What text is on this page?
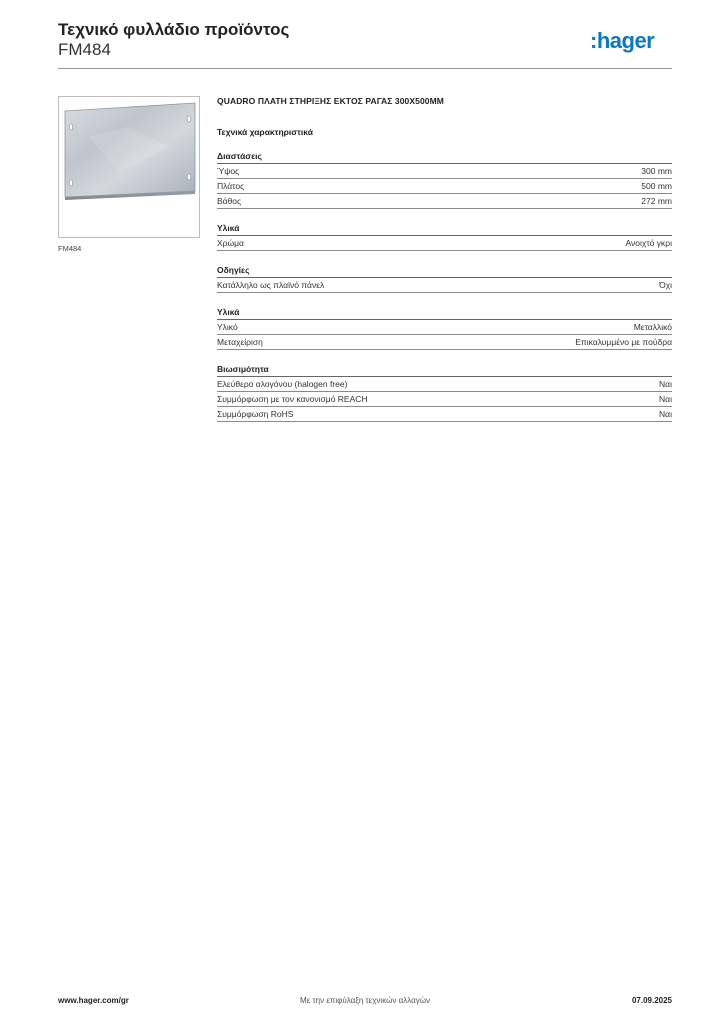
Τεχνικό φυλλάδιο προϊόντος
FM484	:hager
FM484
QUADRO ΠΛΑΤΗ ΣΤΗΡΙΞΗΣ ΕΚΤΟΣ ΡΑΓΑΣ 300X500MM
Τεχνικά χαρακτηριστικά
Διαστάσεις
Ύψος	300 mm
Πλάτος	500 mm
Βάθος	272 mm
Υλικά
Χρώμα	Ανοιχτό γκρι
Οδηγίες
Κατάλληλο ως πλαϊνό πάνελ	Όχι
Υλικά
Υλικό	Μεταλλικό
Μεταχείριση	Επικαλυμμένο με πούδρα
Βιωσιμότητα
Ελεύθερο αλογόνου (halogen free)	Ναι
Συμμόρφωση με τον κανονισμό REACH	Ναι
Συμμόρφωση RoHS	Ναι
Με την επιφύλαξη τεχνικών αλλαγών
www.hager.com/gr	07.09.2025
